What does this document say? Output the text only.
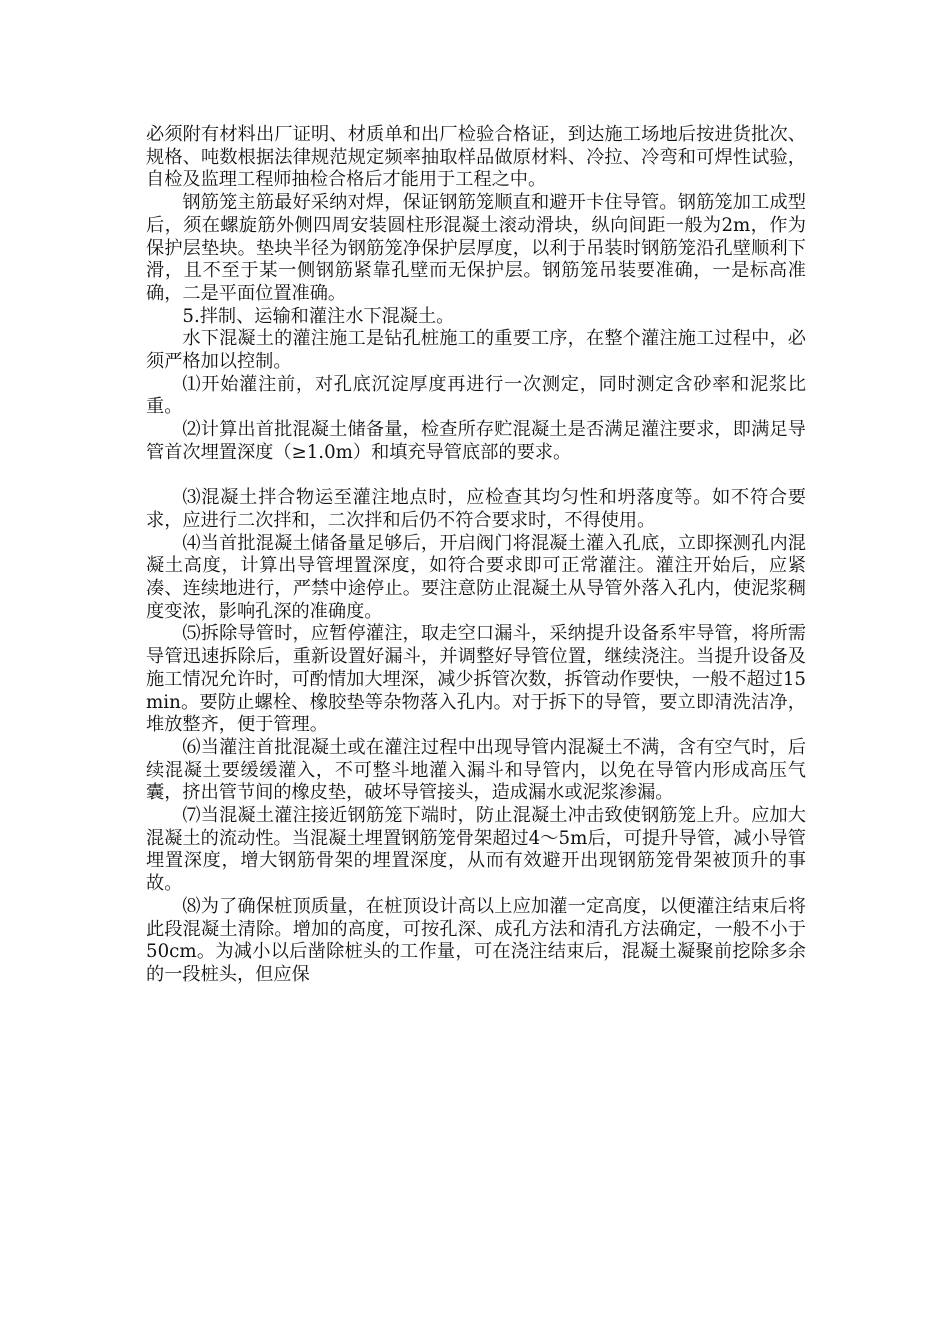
必须附有材料出厂证明、材质单和出厂检验合格证，到达施工场地后按进货批次、规格、吨数根据法律规范规定频率抽取样品做原材料、冷拉、冷弯和可焊性试验，自检及监理工程师抽检合格后才能用于工程之中。

钢筋笼主筋最好采纳对焊，保证钢筋笼顺直和避开卡住导管。钢筋笼加工成型后，须在螺旋筋外侧四周安装圆柱形混凝土滚动滑块，纵向间距一般为2m，作为保护层垫块。垫块半径为钢筋笼净保护层厚度，以利于吊装时钢筋笼沿孔壁顺利下滑，且不至于某一侧钢筋紧靠孔壁而无保护层。钢筋笼吊装要准确，一是标高准确，二是平面位置准确。

5.拌制、运输和灌注水下混凝土。

水下混凝土的灌注施工是钻孔桩施工的重要工序，在整个灌注施工过程中，必须严格加以控制。

⑴开始灌注前，对孔底沉淀厚度再进行一次测定，同时测定含砂率和泥浆比重。

⑵计算出首批混凝土储备量，检查所存贮混凝土是否满足灌注要求，即满足导管首次埋置深度（≥1.0m）和填充导管底部的要求。

⑶混凝土拌合物运至灌注地点时，应检查其均匀性和坍落度等。如不符合要求，应进行二次拌和，二次拌和后仍不符合要求时，不得使用。

⑷当首批混凝土储备量足够后，开启阀门将混凝土灌入孔底，立即探测孔内混凝土高度，计算出导管埋置深度，如符合要求即可正常灌注。灌注开始后，应紧凑、连续地进行，严禁中途停止。要注意防止混凝土从导管外落入孔内，使泥浆稠度变浓，影响孔深的准确度。

⑸拆除导管时，应暂停灌注，取走空口漏斗，采纳提升设备系牢导管，将所需导管迅速拆除后，重新设置好漏斗，并调整好导管位置，继续浇注。当提升设备及施工情况允许时，可酌情加大埋深，减少拆管次数，拆管动作要快，一般不超过15min。要防止螺栓、橡胶垫等杂物落入孔内。对于拆下的导管，要立即清洗洁净，堆放整齐，便于管理。

⑹当灌注首批混凝土或在灌注过程中出现导管内混凝土不满，含有空气时，后续混凝土要缓缓灌入，不可整斗地灌入漏斗和导管内，以免在导管内形成高压气囊，挤出管节间的橡皮垫，破坏导管接头，造成漏水或泥浆渗漏。

⑺当混凝土灌注接近钢筋笼下端时，防止混凝土冲击致使钢筋笼上升。应加大混凝土的流动性。当混凝土埋置钢筋笼骨架超过4～5m后，可提升导管，减小导管埋置深度，增大钢筋骨架的埋置深度，从而有效避开出现钢筋笼骨架被顶升的事故。

⑻为了确保桩顶质量，在桩顶设计高以上应加灌一定高度，以便灌注结束后将此段混凝土清除。增加的高度，可按孔深、成孔方法和清孔方法确定，一般不小于50cm。为减小以后凿除桩头的工作量，可在浇注结束后，混凝土凝聚前挖除多余的一段桩头，但应保
